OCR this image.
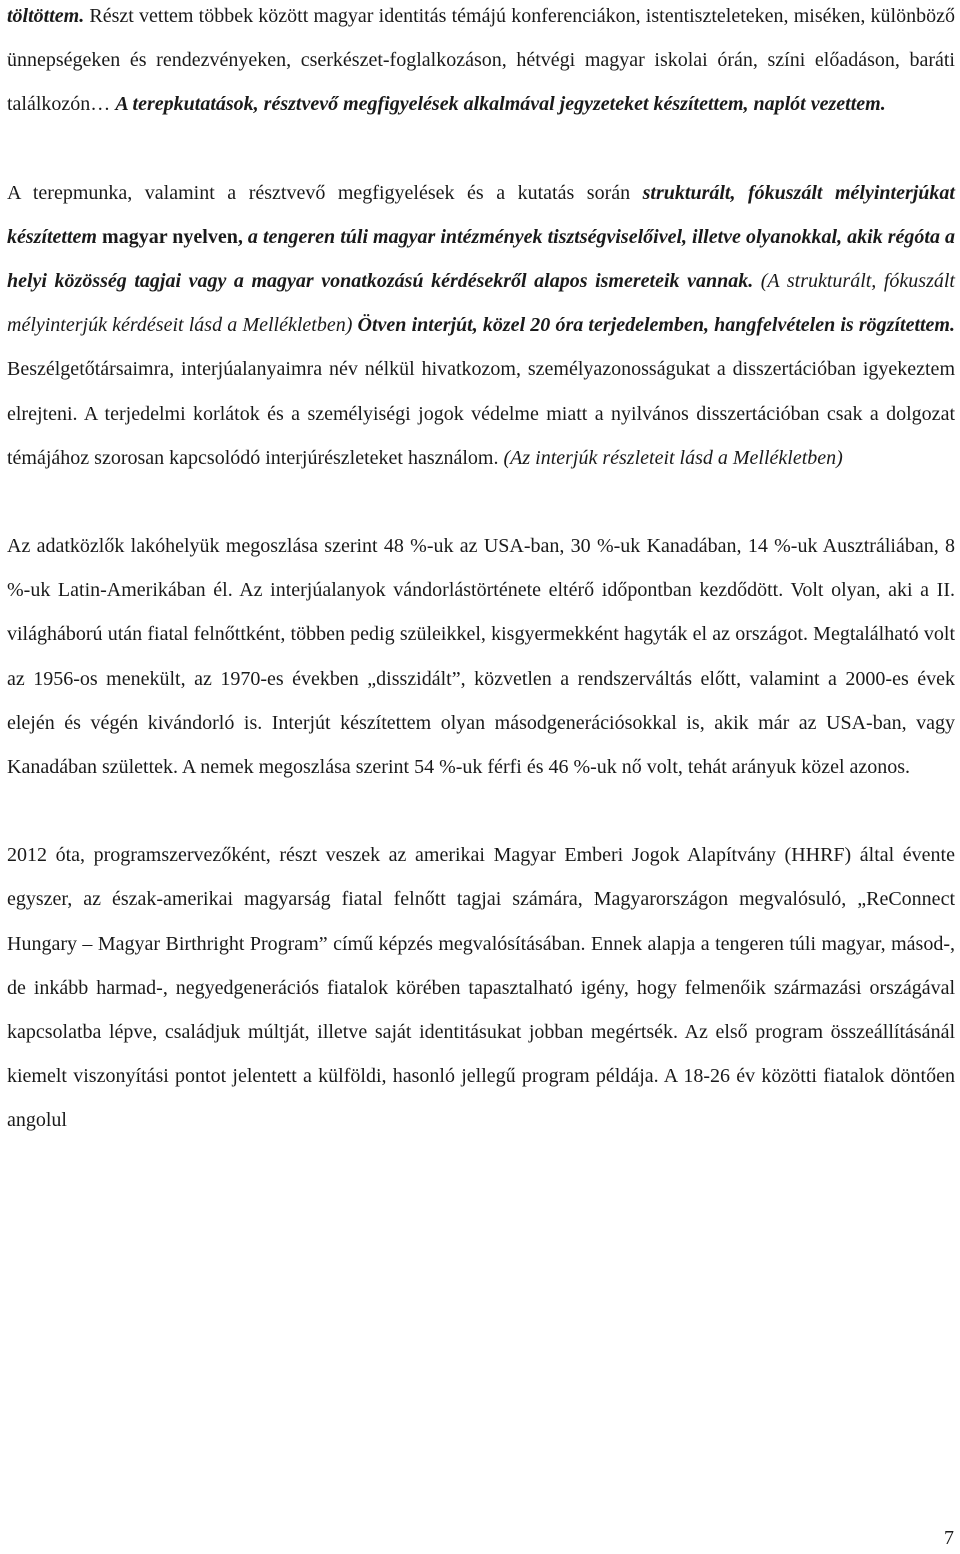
töltöttem. Részt vettem többek között magyar identitás témájú konferenciákon, istentiszteleteken, miséken, különböző ünnepségeken és rendezvényeken, cserkészet-foglalkozáson, hétvégi magyar iskolai órán, színi előadáson, baráti találkozón… A terepkutatások, résztvevő megfigyelések alkalmával jegyzeteket készítettem, naplót vezettem.

A terepmunka, valamint a résztvevő megfigyelések és a kutatás során strukturált, fókuszált mélyinterjúkat készítettem magyar nyelven, a tengeren túli magyar intézmények tisztségviselőivel, illetve olyanokkal, akik régóta a helyi közösség tagjai vagy a magyar vonatkozású kérdésekről alapos ismereteik vannak. (A strukturált, fókuszált mélyinterjúk kérdéseit lásd a Mellékletben) Ötven interjút, közel 20 óra terjedelemben, hangfelvételen is rögzítettem. Beszélgetőtársaimra, interjúalanyaimra név nélkül hivatkozom, személyazonosságukat a disszertációban igyekeztem elrejteni. A terjedelmi korlátok és a személyiségi jogok védelme miatt a nyilvános disszertációban csak a dolgozat témájához szorosan kapcsolódó interjúrészleteket használom. (Az interjúk részleteit lásd a Mellékletben)

Az adatközlők lakóhelyük megoszlása szerint 48 %-uk az USA-ban, 30 %-uk Kanadában, 14 %-uk Ausztráliában, 8 %-uk Latin-Amerikában él. Az interjúalanyok vándorlástörténete eltérő időpontban kezdődött. Volt olyan, aki a II. világháború után fiatal felnőttként, többen pedig szüleikkel, kisgyermekként hagyták el az országot. Megtalálható volt az 1956-os menekült, az 1970-es években „disszidált”, közvetlen a rendszerváltás előtt, valamint a 2000-es évek elején és végén kivándorló is. Interjút készítettem olyan másodgenerációsokkal is, akik már az USA-ban, vagy Kanadában születtek. A nemek megoszlása szerint 54 %-uk férfi és 46 %-uk nő volt, tehát arányuk közel azonos.

2012 óta, programszervezőként, részt veszek az amerikai Magyar Emberi Jogok Alapítvány (HHRF) által évente egyszer, az észak-amerikai magyarság fiatal felnőtt tagjai számára, Magyarországon megvalósuló, „ReConnect Hungary – Magyar Birthright Program” című képzés megvalósításában. Ennek alapja a tengeren túli magyar, másod-, de inkább harmad-, negyedgenerációs fiatalok körében tapasztalható igény, hogy felmenőik származási országával kapcsolatba lépve, családjuk múltját, illetve saját identitásukat jobban megértsék. Az első program összeállításánál kiemelt viszonyítási pontot jelentett a külföldi, hasonló jellegű program példája. A 18-26 év közötti fiatalok döntően angolul

7
